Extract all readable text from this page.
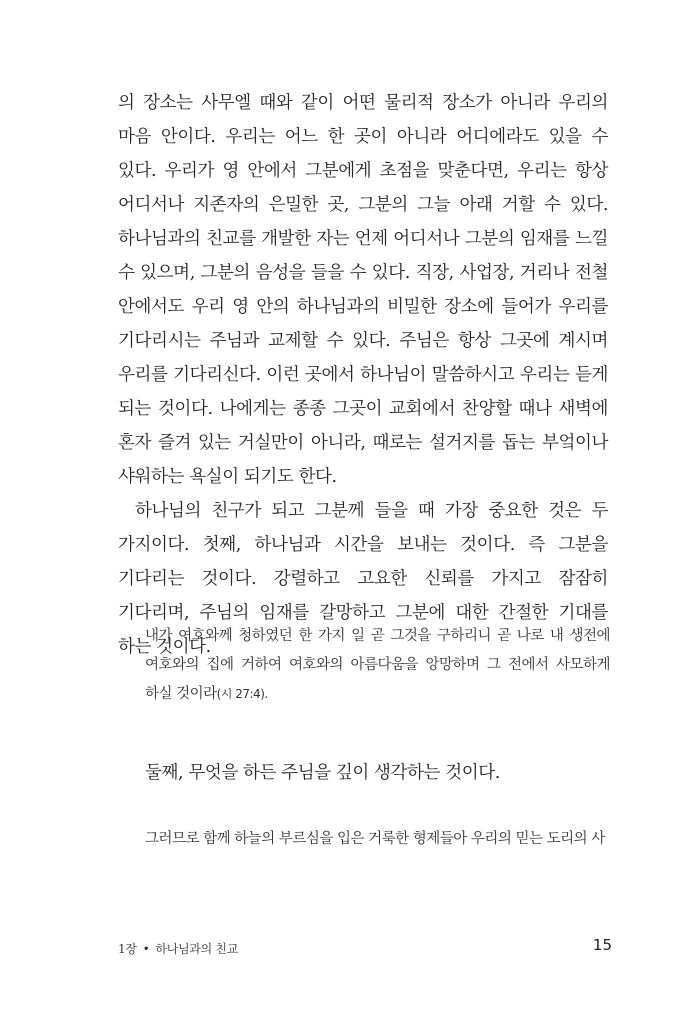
의 장소는 사무엘 때와 같이 어떤 물리적 장소가 아니라 우리의 마음 안이다. 우리는 어느 한 곳이 아니라 어디에라도 있을 수 있다. 우리가 영 안에서 그분에게 초점을 맞춘다면, 우리는 항상 어디서나 지존자의 은밀한 곳, 그분의 그늘 아래 거할 수 있다. 하나님과의 친교를 개발한 자는 언제 어디서나 그분의 임재를 느낄 수 있으며, 그분의 음성을 들을 수 있다. 직장, 사업장, 거리나 전철 안에서도 우리 영 안의 하나님과의 비밀한 장소에 들어가 우리를 기다리시는 주님과 교제할 수 있다. 주님은 항상 그곳에 계시며 우리를 기다리신다. 이런 곳에서 하나님이 말씀하시고 우리는 듣게 되는 것이다. 나에게는 종종 그곳이 교회에서 찬양할 때나 새벽에 혼자 즐겨 있는 거실만이 아니라, 때로는 설거지를 돕는 부엌이나 샤워하는 욕실이 되기도 한다.

하나님의 친구가 되고 그분께 들을 때 가장 중요한 것은 두 가지이다. 첫째, 하나님과 시간을 보내는 것이다. 즉 그분을 기다리는 것이다. 강렬하고 고요한 신뢰를 가지고 잠잠히 기다리며, 주님의 임재를 갈망하고 그분에 대한 간절한 기대를 하는 것이다.

내가 여호와께 청하였던 한 가지 일 곧 그것을 구하리니 곧 나로 내 생전에 여호와의 집에 거하여 여호와의 아름다움을 앙망하며 그 전에서 사모하게 하실 것이라(시 27:4).
둘째, 무엇을 하든 주님을 깊이 생각하는 것이다.
그러므로 함께 하늘의 부르심을 입은 거룩한 형제들아 우리의 믿는 도리의 사
1장 • 하나님과의 친교	15
